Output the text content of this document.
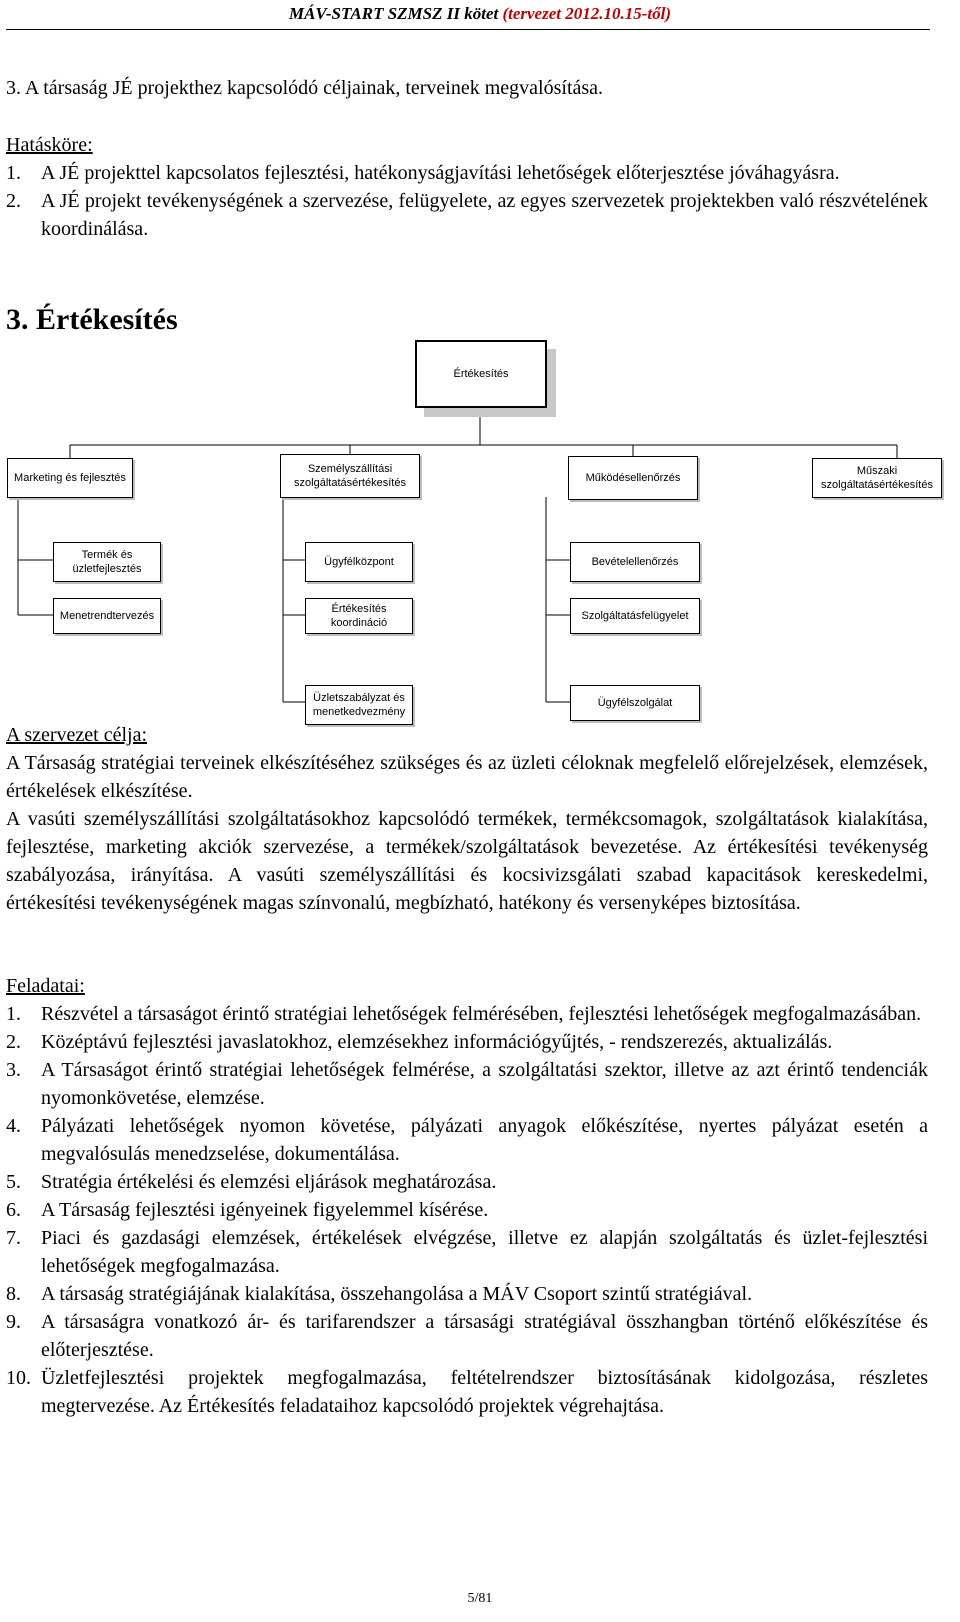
MÁV-START SZMSZ II kötet (tervezet 2012.10.15-től)

3. A társaság JÉ projekthez kapcsolódó céljainak, terveinek megvalósítása.

Hatásköre:

1. A JÉ projekttel kapcsolatos fejlesztési, hatékonyságjavítási lehetőségek előterjesztése jóváhagyásra.
2. A JÉ projekt tevékenységének a szervezése, felügyelete, az egyes szervezetek projektekben való részvételének koordinálása.
3. Értékesítés
Értékesítés
Marketing és fejlesztés
Személyszállítási szolgáltatásértékesítés	Működésellenőrzés
Műszaki szolgáltatásértékesítés
Termék és üzletfejlesztés
Menetrendtervezés
Ügyfélközpont
Értékesítés koordináció
Üzletszabályzat és menetkedvezmény
Bevételellenőrzés
Szolgáltatásfelügyelet
Ügyfélszolgálat

A szervezet célja:

A Társaság stratégiai terveinek elkészítéséhez szükséges és az üzleti céloknak megfelelő előrejelzések, elemzések, értékelések elkészítése.

A vasúti személyszállítási szolgáltatásokhoz kapcsolódó termékek, termékcsomagok, szolgáltatások kialakítása, fejlesztése, marketing akciók szervezése, a termékek/szolgáltatások bevezetése. Az értékesítési tevékenység szabályozása, irányítása. A vasúti személyszállítási és kocsivizsgálati szabad kapacitások kereskedelmi, értékesítési tevékenységének magas színvonalú, megbízható, hatékony és versenyképes biztosítása.

Feladatai:

1. Részvétel a társaságot érintő stratégiai lehetőségek felmérésében, fejlesztési lehetőségek megfogalmazásában.
2. Középtávú fejlesztési javaslatokhoz, elemzésekhez információgyűjtés, - rendszerezés, aktualizálás.
3. A Társaságot érintő stratégiai lehetőségek felmérése, a szolgáltatási szektor, illetve az azt érintő tendenciák nyomonkövetése, elemzése.
4. Pályázati lehetőségek nyomon követése, pályázati anyagok előkészítése, nyertes pályázat esetén a megvalósulás menedzselése, dokumentálása.
5. Stratégia értékelési és elemzési eljárások meghatározása.
6. A Társaság fejlesztési igényeinek figyelemmel kísérése.
7. Piaci és gazdasági elemzések, értékelések elvégzése, illetve ez alapján szolgáltatás és üzlet-fejlesztési lehetőségek megfogalmazása.
8. A társaság stratégiájának kialakítása, összehangolása a MÁV Csoport szintű stratégiával.
9. A társaságra vonatkozó ár- és tarifarendszer a társasági stratégiával összhangban történő előkészítése és előterjesztése.
10. Üzletfejlesztési projektek megfogalmazása, feltételrendszer biztosításának kidolgozása, részletes megtervezése. Az Értékesítés feladataihoz kapcsolódó projektek végrehajtása.
5/81
